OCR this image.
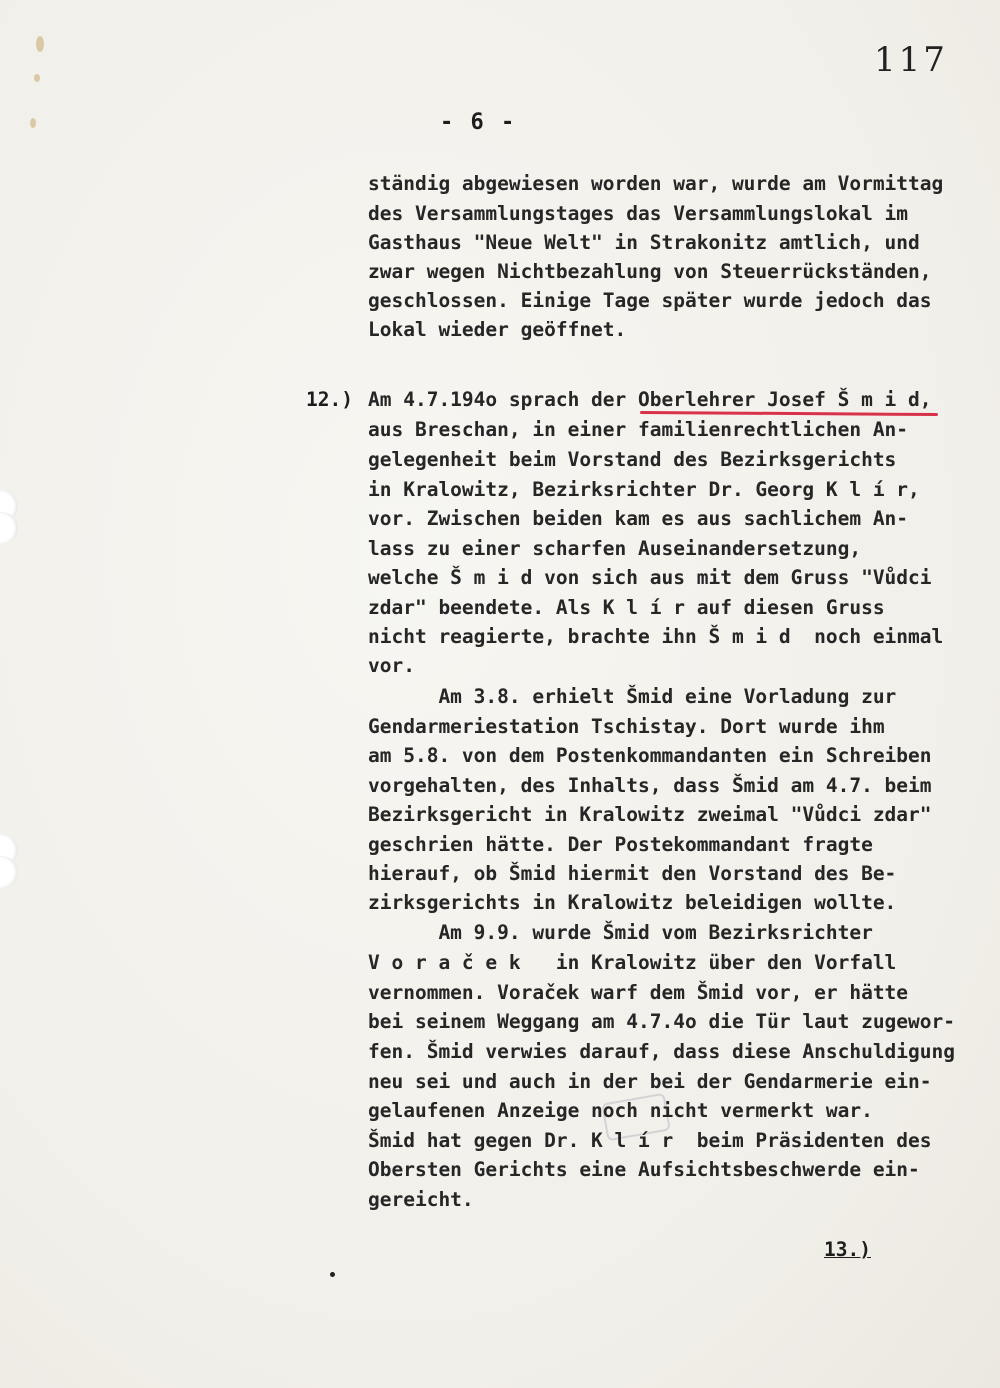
117
- 6 -
ständig abgewiesen worden war, wurde am Vormittag
des Versammlungstages das Versammlungslokal im
Gasthaus "Neue Welt" in Strakonitz amtlich, und
zwar wegen Nichtbezahlung von Steuerrückständen,
geschlossen. Einige Tage später wurde jedoch das
Lokal wieder geöffnet.
12.) Am 4.7.194o sprach der Oberlehrer Josef Š m i d,
aus Breschan, in einer familienrechtlichen An-
gelegenheit beim Vorstand des Bezirksgerichts
in Kralowitz, Bezirksrichter Dr. Georg K l í r,
vor. Zwischen beiden kam es aus sachlichem An-
lass zu einer scharfen Auseinandersetzung,
welche Š m i d von sich aus mit dem Gruss "Vůdci
zdar" beendete. Als K l í r auf diesen Gruss
nicht reagierte, brachte ihn Š m i d  noch einmal
vor.
Am 3.8. erhielt Šmid eine Vorladung zur
Gendarmeriestation Tschistay. Dort wurde ihm
am 5.8. von dem Postenkommandanten ein Schreiben
vorgehalten, des Inhalts, dass Šmid am 4.7. beim
Bezirksgericht in Kralowitz zweimal "Vůdci zdar"
geschrien hätte. Der Postekommandant fragte
hierauf, ob Šmid hiermit den Vorstand des Be-
zirksgerichts in Kralowitz beleidigen wollte.
Am 9.9. wurde Šmid vom Bezirksrichter
V o r a č e k   in Kralowitz über den Vorfall
vernommen. Voraček warf dem Šmid vor, er hätte
bei seinem Weggang am 4.7.4o die Tür laut zugewor-
fen. Šmid verwies darauf, dass diese Anschuldigung
neu sei und auch in der bei der Gendarmerie ein-
gelaufenen Anzeige noch nicht vermerkt war.
Šmid hat gegen Dr. K l í r  beim Präsidenten des
Obersten Gerichts eine Aufsichtsbeschwerde ein-
gereicht.
13.)
